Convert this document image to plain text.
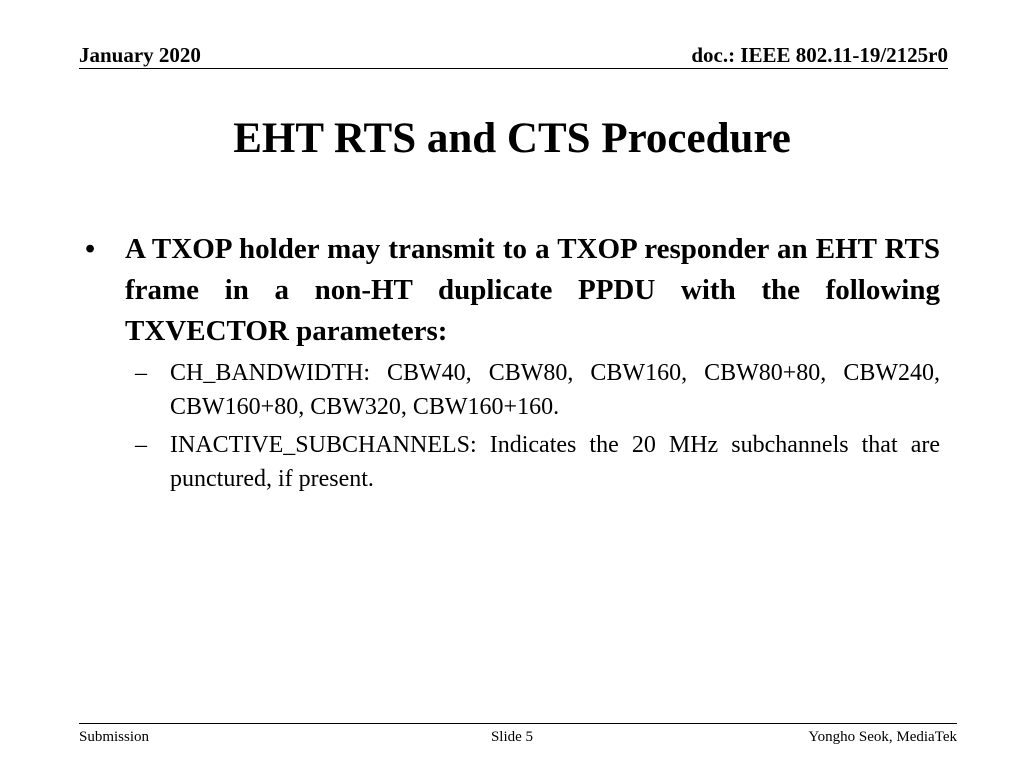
January 2020	doc.: IEEE 802.11-19/2125r0
EHT RTS and CTS Procedure

• A TXOP holder may transmit to a TXOP responder an EHT RTS frame in a non-HT duplicate PPDU with the following TXVECTOR parameters:

– CH_BANDWIDTH: CBW40, CBW80, CBW160, CBW80+80, CBW240, CBW160+80, CBW320, CBW160+160.

– INACTIVE_SUBCHANNELS: Indicates the 20 MHz subchannels that are punctured, if present.

Submission	Slide 5	Yongho Seok, MediaTek
